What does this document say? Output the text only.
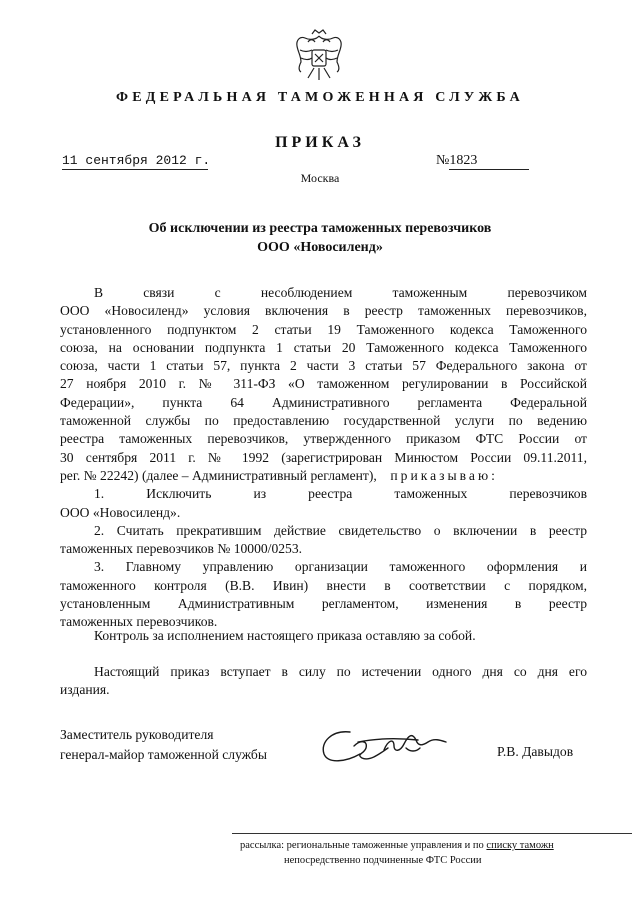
ФЕДЕРАЛЬНАЯ ТАМОЖЕННАЯ СЛУЖБА
ПРИКАЗ
11 сентября 2012 г.	№1823
Москва
Об исключении из реестра таможенных перевозчиков
ООО «Новосиленд»
В связи с несоблюдением таможенным перевозчиком
ООО «Новосиленд» условия включения в реестр таможенных перевозчиков,
установленного подпунктом 2 статьи 19 Таможенного кодекса Таможенного
союза, на основании подпункта 1 статьи 20 Таможенного кодекса Таможенного
союза, части 1 статьи 57, пункта 2 части 3 статьи 57 Федерального закона от
27 ноября 2010 г. № 311-ФЗ «О таможенном регулировании в Российской
Федерации», пункта 64 Административного регламента Федеральной
таможенной службы по предоставлению государственной услуги по ведению
реестра таможенных перевозчиков, утвержденного приказом ФТС России от
30 сентября 2011 г. № 1992 (зарегистрирован Минюстом России 09.11.2011,
рег. № 22242) (далее – Административный регламент), приказываю:
1. Исключить из реестра таможенных перевозчиков
ООО «Новосиленд».
2. Считать прекратившим действие свидетельство о включении в реестр
таможенных перевозчиков № 10000/0253.
3. Главному управлению организации таможенного оформления и
таможенного контроля (В.В. Ивин) внести в соответствии с порядком,
установленным Административным регламентом, изменения в реестр
таможенных перевозчиков.
Контроль за исполнением настоящего приказа оставляю за собой.
Настоящий приказ вступает в силу по истечении одного дня со дня его
издания.
Заместитель руководителя
генерал-майор таможенной службы	Р.В. Давыдов
рассылка: региональные таможенные управления и по списку таможн
непосредственно подчиненные ФТС России
